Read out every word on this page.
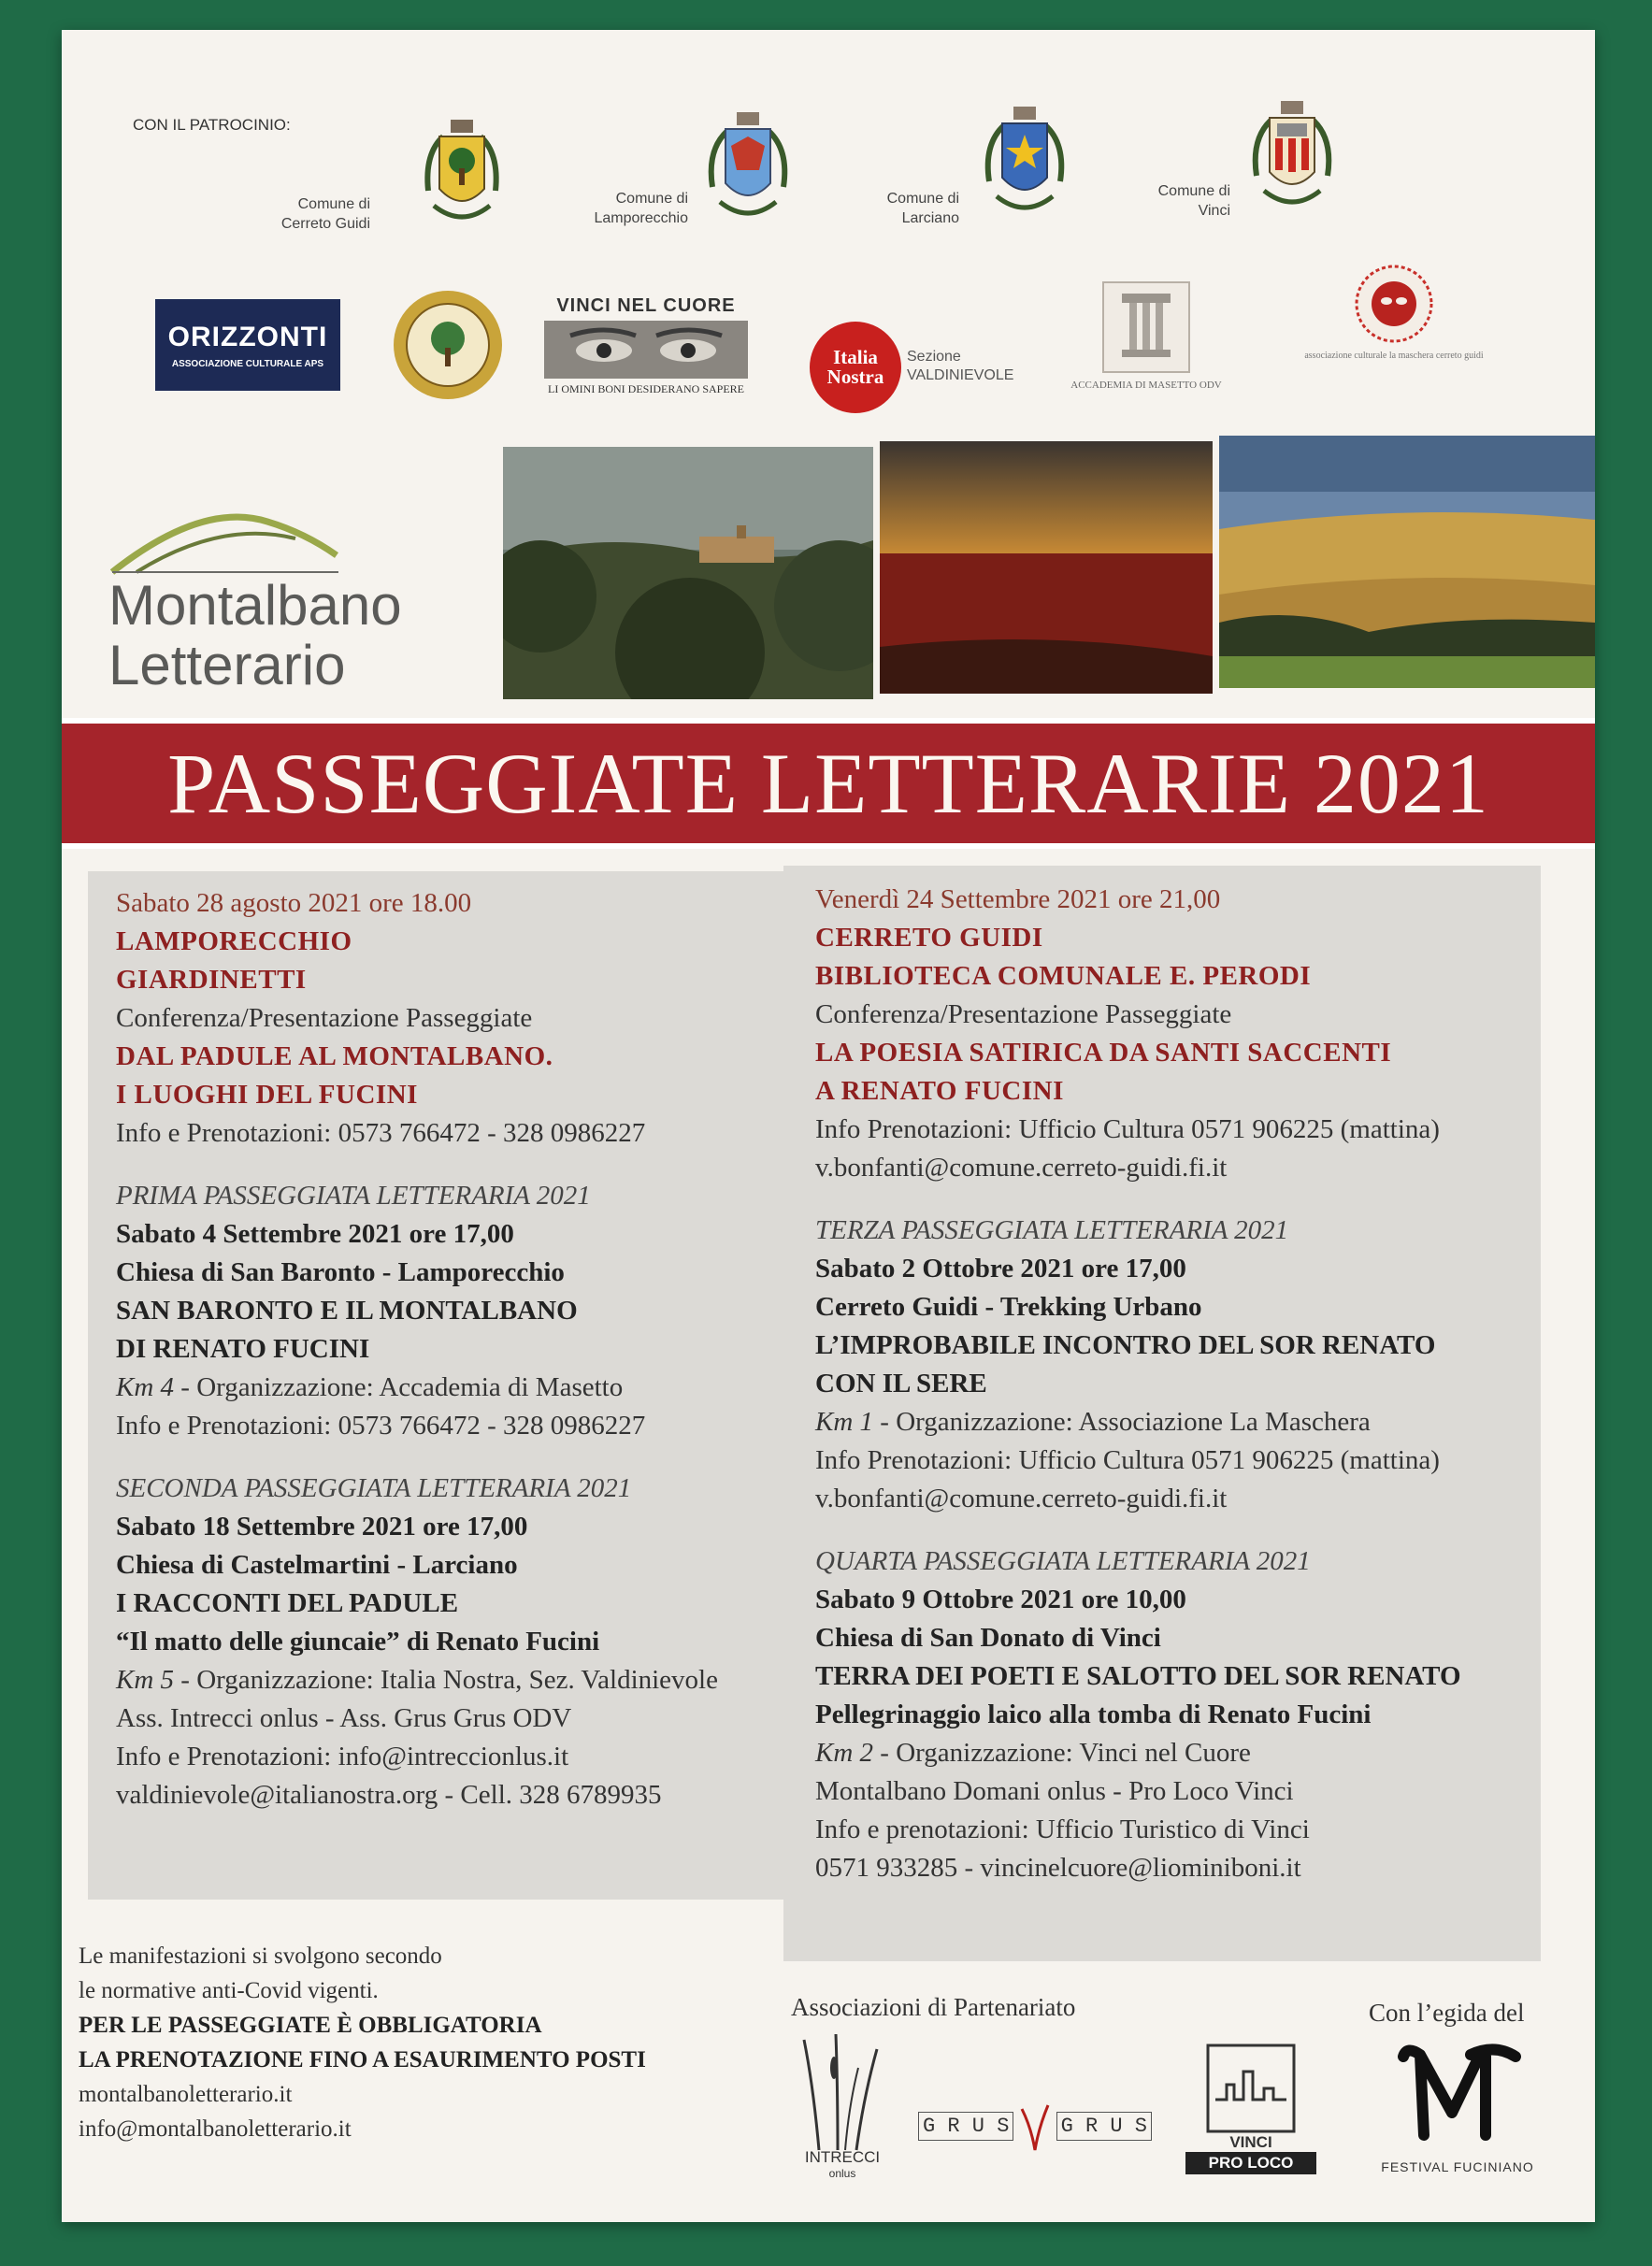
CON IL PATROCINIO:
Comune di
Cerreto Guidi
Comune di
Lamporecchio
Comune di
Larciano
Comune di
Vinci
ORIZZONTI
ASSOCIAZIONE CULTURALE APS
VINCI NEL CUORE
LI OMINI BONI DESIDERANO SAPERE
Italia Nostra
Sezione
VALDINIEVOLE
ACCADEMIA DI MASETTO ODV
associazione culturale la maschera cerreto guidi
Montalbano
Letterario
PASSEGGIATE LETTERARIE 2021
Sabato 28 agosto 2021 ore 18.00
LAMPORECCHIO
GIARDINETTI
Conferenza/Presentazione Passeggiate
DAL PADULE AL MONTALBANO.
I LUOGHI DEL FUCINI
Info e Prenotazioni: 0573 766472 - 328 0986227
PRIMA PASSEGGIATA LETTERARIA 2021
Sabato 4 Settembre 2021 ore 17,00
Chiesa di San Baronto - Lamporecchio
SAN BARONTO E IL MONTALBANO
DI RENATO FUCINI
Km 4 - Organizzazione: Accademia di Masetto
Info e Prenotazioni: 0573 766472 - 328 0986227
SECONDA PASSEGGIATA LETTERARIA 2021
Sabato 18 Settembre 2021 ore 17,00
Chiesa di Castelmartini - Larciano
I RACCONTI DEL PADULE
“Il matto delle giuncaie” di Renato Fucini
Km 5 - Organizzazione: Italia Nostra, Sez. Valdinievole
Ass. Intrecci onlus - Ass. Grus Grus ODV
Info e Prenotazioni: info@intreccionlus.it
valdinievole@italianostra.org - Cell. 328 6789935
Venerdì 24 Settembre 2021 ore 21,00
CERRETO GUIDI
BIBLIOTECA COMUNALE E. PERODI
Conferenza/Presentazione Passeggiate
LA POESIA SATIRICA DA SANTI SACCENTI
A RENATO FUCINI
Info Prenotazioni: Ufficio Cultura 0571 906225 (mattina)
v.bonfanti@comune.cerreto-guidi.fi.it
TERZA PASSEGGIATA LETTERARIA 2021
Sabato 2 Ottobre 2021 ore 17,00
Cerreto Guidi - Trekking Urbano
L’IMPROBABILE INCONTRO DEL SOR RENATO
CON IL SERE
Km 1 - Organizzazione: Associazione La Maschera
Info Prenotazioni: Ufficio Cultura 0571 906225 (mattina)
v.bonfanti@comune.cerreto-guidi.fi.it
QUARTA PASSEGGIATA LETTERARIA 2021
Sabato 9 Ottobre 2021 ore 10,00
Chiesa di San Donato di Vinci
TERRA DEI POETI E SALOTTO DEL SOR RENATO
Pellegrinaggio laico alla tomba di Renato Fucini
Km 2 - Organizzazione: Vinci nel Cuore
Montalbano Domani onlus - Pro Loco Vinci
Info e prenotazioni: Ufficio Turistico di Vinci
0571 933285 - vincinelcuore@liominiboni.it
Le manifestazioni si svolgono secondo
le normative anti-Covid vigenti.
PER LE PASSEGGIATE È OBBLIGATORIA
LA PRENOTAZIONE FINO A ESAURIMENTO POSTI
montalbanoletterario.it
info@montalbanoletterario.it
Associazioni di Partenariato	Con l’egida del
INTRECCI
onlus
G R U S	G R U S
VINCI
PRO LOCO	FESTIVAL FUCINIANO
